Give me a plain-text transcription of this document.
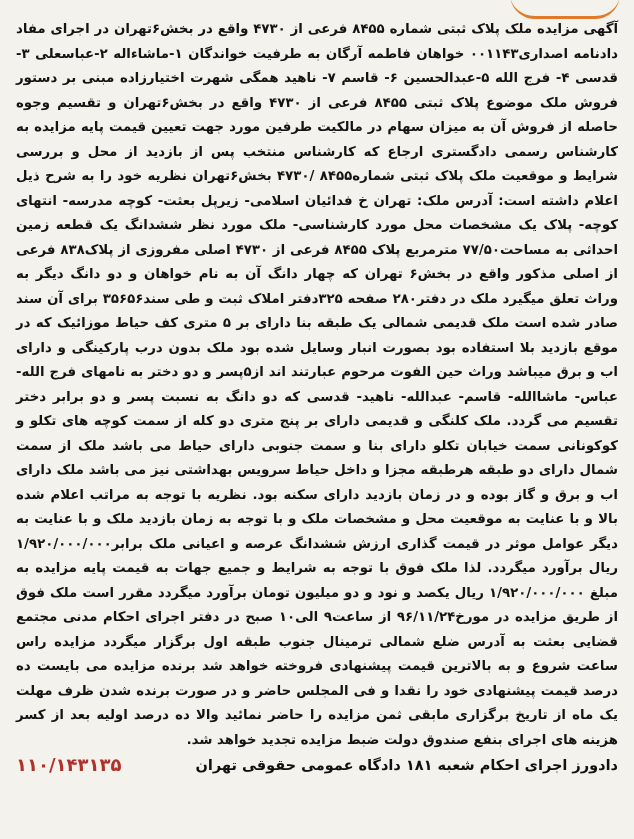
آگهی مزایده ملک پلاک ثبتی شماره ۸۴۵۵ فرعی از ۴۷۳۰ واقع در بخش۶تهران در اجرای مفاد دادنامه اصداری۰۰۱۱۴۳ خواهان فاطمه آرگان به طرفیت خواندگان ۱-ماشاءاله ۲-عباسعلی ۳- قدسی ۴- فرج الله ۵-عبدالحسین ۶- قاسم ۷- ناهید همگی شهرت اختیارزاده مبنی بر دستور فروش ملک موضوع پلاک ثبتی ۸۴۵۵ فرعی از ۴۷۳۰ واقع در بخش۶تهران و تقسیم وجوه حاصله از فروش آن به میزان سهام در مالکیت طرفین مورد جهت تعیین قیمت پایه مزایده به کارشناس رسمی دادگستری ارجاع که کارشناس منتخب پس از بازدید از محل و بررسی شرایط و موقعیت ملک پلاک ثبتی شماره۸۴۵۵ /۴۷۳۰ بخش۶تهران نظریه خود را به شرح ذیل اعلام داشته است: آدرس ملک: تهران خ فدائیان اسلامی- زیرپل بعثت- کوچه مدرسه- انتهای کوچه- پلاک یک مشخصات محل مورد کارشناسی- ملک مورد نظر ششدانگ یک قطعه زمین احداثی به مساحت۷۷/۵۰ مترمربع پلاک ۸۴۵۵ فرعی از ۴۷۳۰ اصلی مفروزی از پلاک۸۳۸ فرعی از اصلی مذکور واقع در بخش۶ تهران که چهار دانگ آن به نام خواهان و دو دانگ دیگر به وراث تعلق میگیرد ملک در دفتر۲۸۰ صفحه ۳۲۵دفتر املاک ثبت و طی سند۳۵۶۵۶ برای آن سند صادر شده است ملک قدیمی شمالی یک طبقه بنا دارای بر ۵ متری کف حیاط موزائیک که در موقع بازدید بلا استفاده بود بصورت انبار وسایل شده بود ملک بدون درب پارکینگی و دارای اب و برق میباشد وراث حین الفوت مرحوم عبارتند اند از۵پسر و دو دختر به نامهای فرج الله- عباس- ماشاالله- قاسم- عبدالله- ناهید- قدسی که دو دانگ به نسبت پسر و دو برابر دختر تقسیم می گردد. ملک کلنگی و قدیمی دارای بر پنج متری دو کله از سمت کوچه های تکلو و کوکونانی سمت خیابان تکلو دارای بنا و سمت جنوبی دارای حیاط می باشد ملک از سمت شمال دارای دو طبقه هرطبقه مجزا و داخل حیاط سرویس بهداشتی نیز می باشد ملک دارای اب و برق و گاز بوده و در زمان بازدید دارای سکنه بود. نظریه با توجه به مراتب اعلام شده بالا و با عنایت به موقعیت محل و مشخصات ملک و با توجه به زمان بازدید ملک و با عنایت به دیگر عوامل موثر در قیمت گذاری ارزش ششدانگ عرصه و اعیانی ملک برابر۱/۹۲۰/۰۰۰/۰۰۰ ریال برآورد میگردد. لذا ملک فوق با توجه به شرایط و جمیع جهات به قیمت پایه مزایده به مبلغ ۱/۹۲۰/۰۰۰/۰۰۰ ریال یکصد و نود و دو میلیون تومان برآورد میگردد مقرر است ملک فوق از طریق مزایده در مورخ۹۶/۱۱/۲۴ از ساعت۹ الی۱۰ صبح در دفتر اجرای احکام مدنی مجتمع قضایی بعثت به آدرس ضلع شمالی ترمینال جنوب طبقه اول برگزار میگردد مزایده راس ساعت شروع و به بالاترین قیمت پیشنهادی فروخته خواهد شد برنده مزایده می بایست ده درصد قیمت پیشنهادی خود را نقدا و فی المجلس حاضر و در صورت برنده شدن ظرف مهلت یک ماه از تاریخ برگزاری مابقی ثمن مزایده را حاضر نمائید والا ده درصد اولیه بعد از کسر هزینه های اجرای بنفع صندوق دولت ضبط مزایده تجدید خواهد شد.

دادورز اجرای احکام شعبه ۱۸۱ دادگاه عمومی حقوقی تهران
۱۱۰/۱۴۳۱۳۵
